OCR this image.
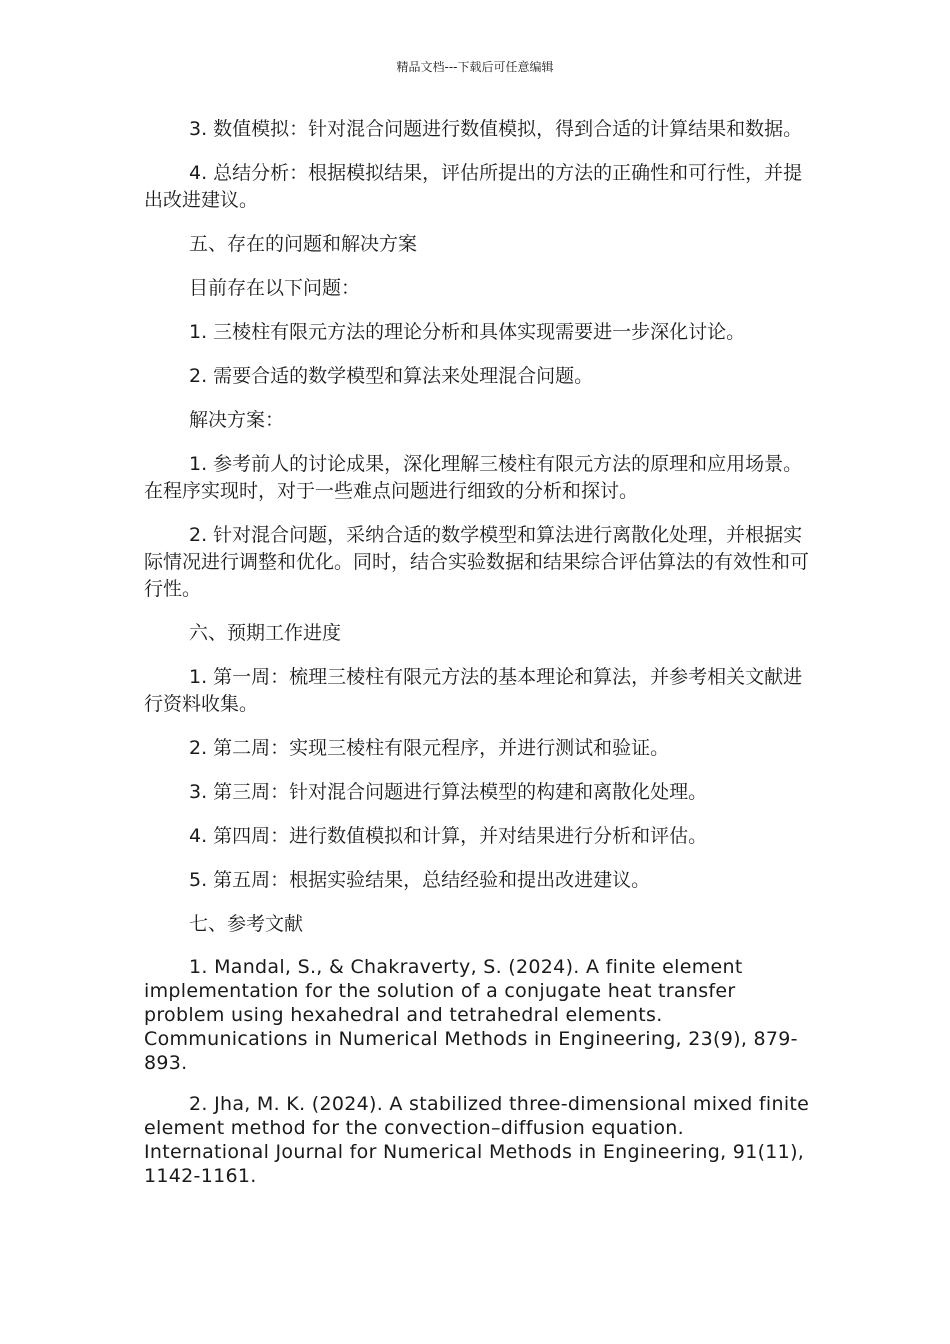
精品文档---下载后可任意编辑

3. 数值模拟：针对混合问题进行数值模拟，得到合适的计算结果和数据。

4. 总结分析：根据模拟结果，评估所提出的方法的正确性和可行性，并提出改进建议。

五、存在的问题和解决方案

目前存在以下问题：

1. 三棱柱有限元方法的理论分析和具体实现需要进一步深化讨论。

2. 需要合适的数学模型和算法来处理混合问题。

解决方案：

1. 参考前人的讨论成果，深化理解三棱柱有限元方法的原理和应用场景。在程序实现时，对于一些难点问题进行细致的分析和探讨。

2. 针对混合问题，采纳合适的数学模型和算法进行离散化处理，并根据实际情况进行调整和优化。同时，结合实验数据和结果综合评估算法的有效性和可行性。

六、预期工作进度

1. 第一周：梳理三棱柱有限元方法的基本理论和算法，并参考相关文献进行资料收集。

2. 第二周：实现三棱柱有限元程序，并进行测试和验证。

3. 第三周：针对混合问题进行算法模型的构建和离散化处理。

4. 第四周：进行数值模拟和计算，并对结果进行分析和评估。

5. 第五周：根据实验结果，总结经验和提出改进建议。

七、参考文献

1. Mandal, S., & Chakraverty, S. (2024). A finite element implementation for the solution of a conjugate heat transfer problem using hexahedral and tetrahedral elements. Communications in Numerical Methods in Engineering, 23(9), 879-893.

2. Jha, M. K. (2024). A stabilized three-dimensional mixed finite element method for the convection–diffusion equation. International Journal for Numerical Methods in Engineering, 91(11), 1142-1161.
